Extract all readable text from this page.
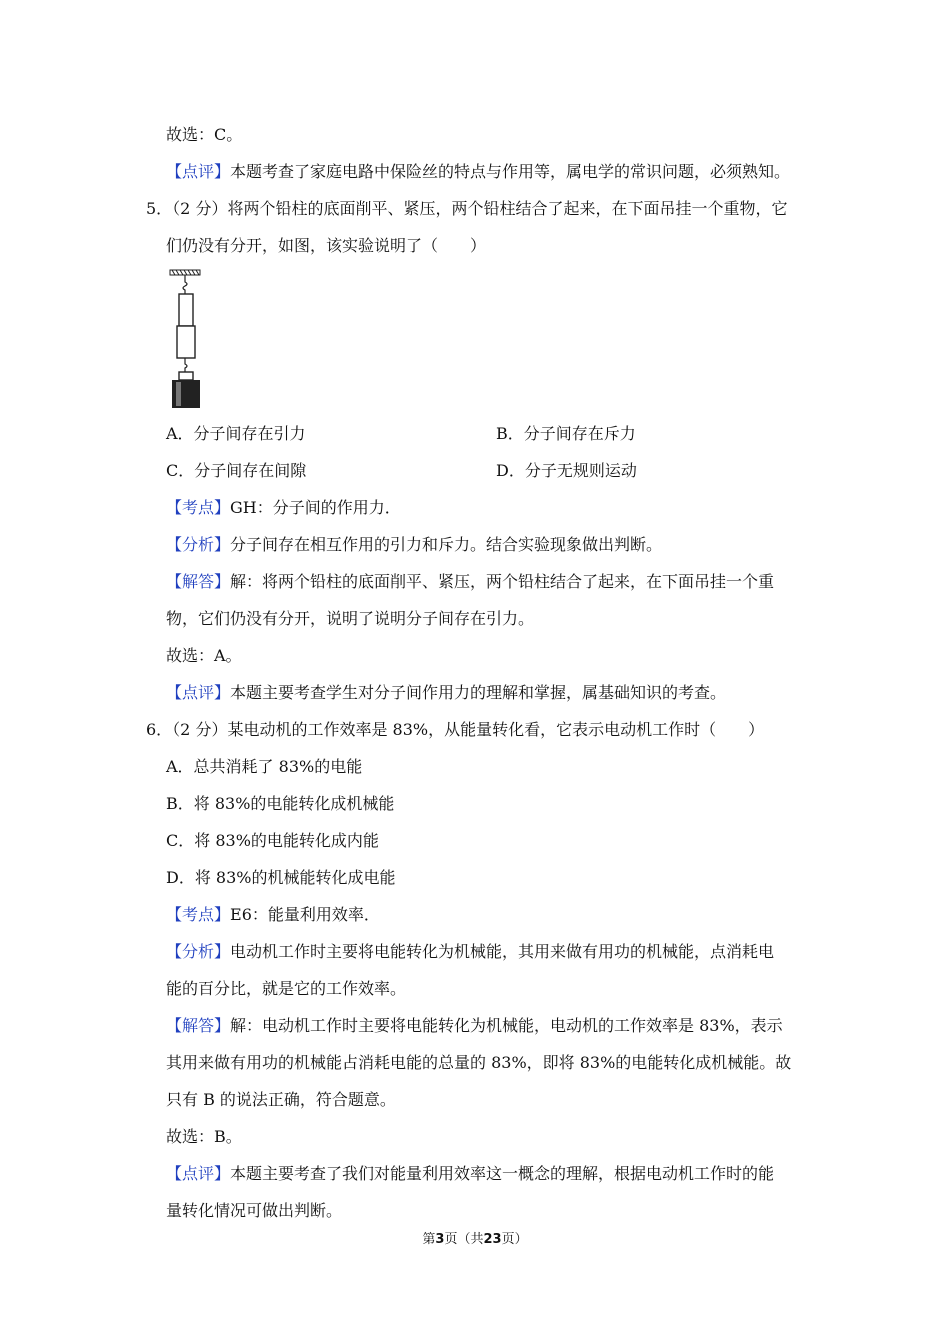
故选：C。
【点评】本题考查了家庭电路中保险丝的特点与作用等，属电学的常识问题，必须熟知。
5．（2 分）将两个铅柱的底面削平、紧压，两个铅柱结合了起来，在下面吊挂一个重物，它
们仍没有分开，如图，该实验说明了（　　）
A．分子间存在引力	B．分子间存在斥力
C．分子间存在间隙	D．分子无规则运动
【考点】GH：分子间的作用力．
【分析】分子间存在相互作用的引力和斥力。结合实验现象做出判断。
【解答】解：将两个铅柱的底面削平、紧压，两个铅柱结合了起来，在下面吊挂一个重
物，它们仍没有分开，说明了说明分子间存在引力。
故选：A。
【点评】本题主要考查学生对分子间作用力的理解和掌握，属基础知识的考查。
6．（2 分）某电动机的工作效率是 83%，从能量转化看，它表示电动机工作时（　　）
A．总共消耗了 83%的电能
B．将 83%的电能转化成机械能
C．将 83%的电能转化成内能
D．将 83%的机械能转化成电能
【考点】E6：能量利用效率．
【分析】电动机工作时主要将电能转化为机械能，其用来做有用功的机械能，点消耗电
能的百分比，就是它的工作效率。
【解答】解：电动机工作时主要将电能转化为机械能，电动机的工作效率是 83%，表示
其用来做有用功的机械能占消耗电能的总量的 83%，即将 83%的电能转化成机械能。故
只有 B 的说法正确，符合题意。
故选：B。
【点评】本题主要考查了我们对能量利用效率这一概念的理解，根据电动机工作时的能
量转化情况可做出判断。
第3页（共23页）
